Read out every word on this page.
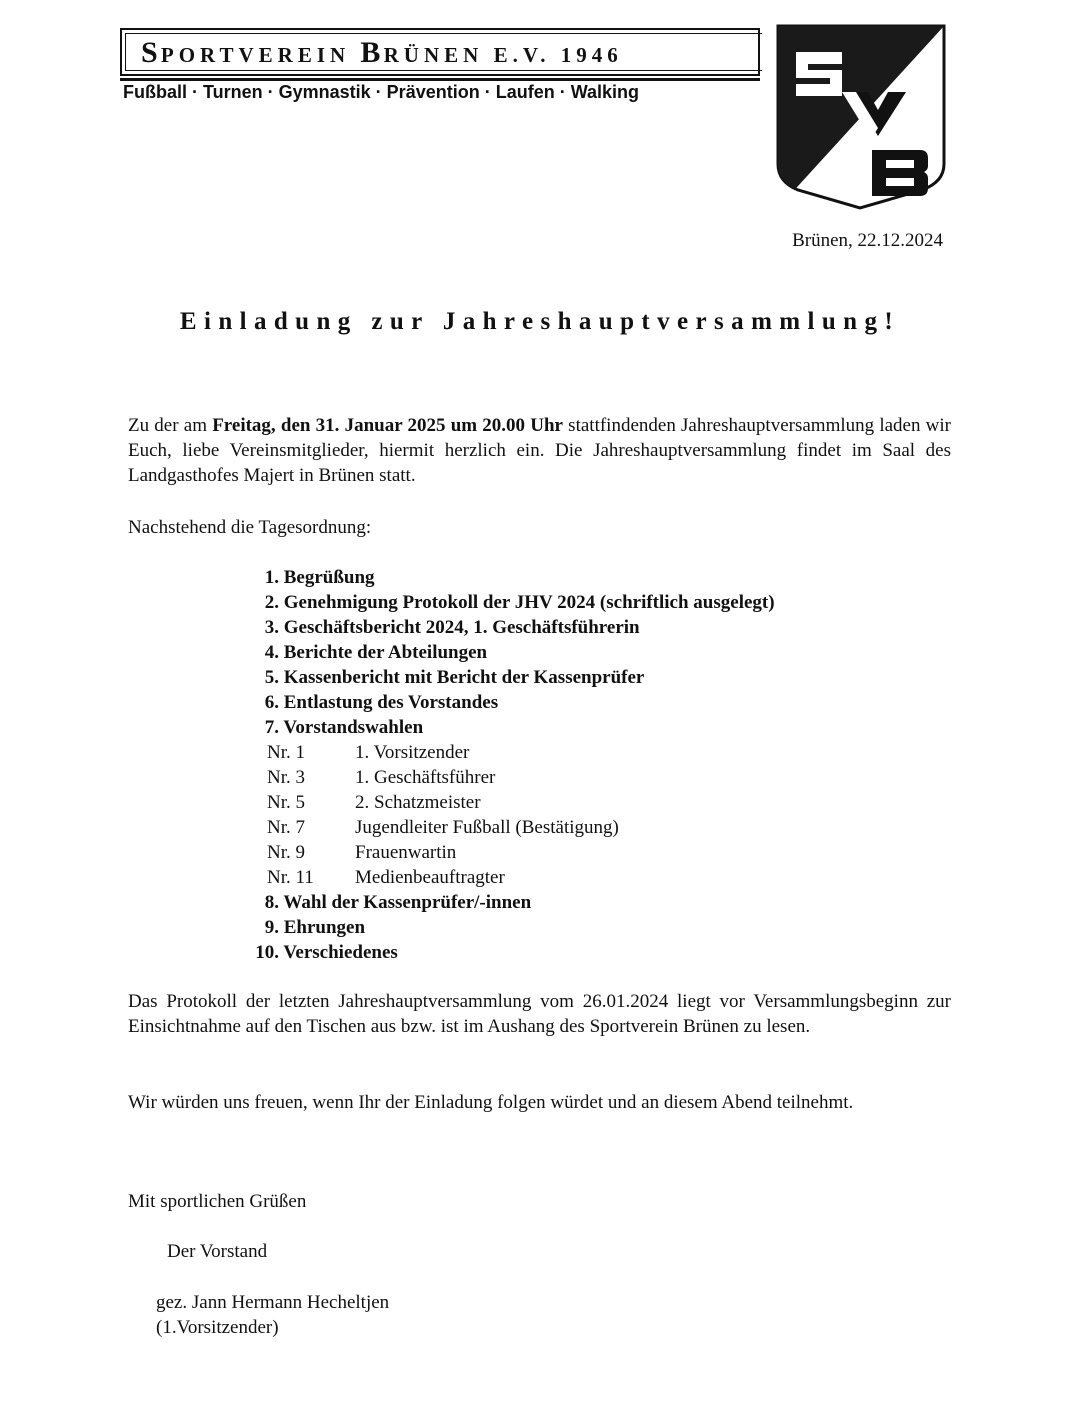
SPORTVEREIN BRÜNEN E.V. 1946
Fußball · Turnen · Gymnastik · Prävention · Laufen · Walking
Brünen, 22.12.2024
Einladung zur Jahreshauptversammlung!
Zu der am Freitag, den 31. Januar 2025 um 20.00 Uhr stattfindenden Jahreshauptversammlung laden wir Euch, liebe Vereinsmitglieder, hiermit herzlich ein. Die Jahreshauptversammlung findet im Saal des Landgasthofes Majert in Brünen statt.
Nachstehend die Tagesordnung:
1. Begrüßung
2. Genehmigung Protokoll der JHV 2024 (schriftlich ausgelegt)
3. Geschäftsbericht 2024, 1. Geschäftsführerin
4. Berichte der Abteilungen
5. Kassenbericht mit Bericht der Kassenprüfer
6. Entlastung des Vorstandes
7. Vorstandswahlen
Nr. 1	1. Vorsitzender
Nr. 3	1. Geschäftsführer
Nr. 5	2. Schatzmeister
Nr. 7	Jugendleiter Fußball (Bestätigung)
Nr. 9	Frauenwartin
Nr. 11 Medienbeauftragter
8. Wahl der Kassenprüfer/-innen
9. Ehrungen
10. Verschiedenes
Das Protokoll der letzten Jahreshauptversammlung vom 26.01.2024 liegt vor Versammlungsbeginn zur Einsichtnahme auf den Tischen aus bzw. ist im Aushang des Sportverein Brünen zu lesen.
Wir würden uns freuen, wenn Ihr der Einladung folgen würdet und an diesem Abend teilnehmt.
Mit sportlichen Grüßen
Der Vorstand
gez. Jann Hermann Hecheltjen
(1.Vorsitzender)
